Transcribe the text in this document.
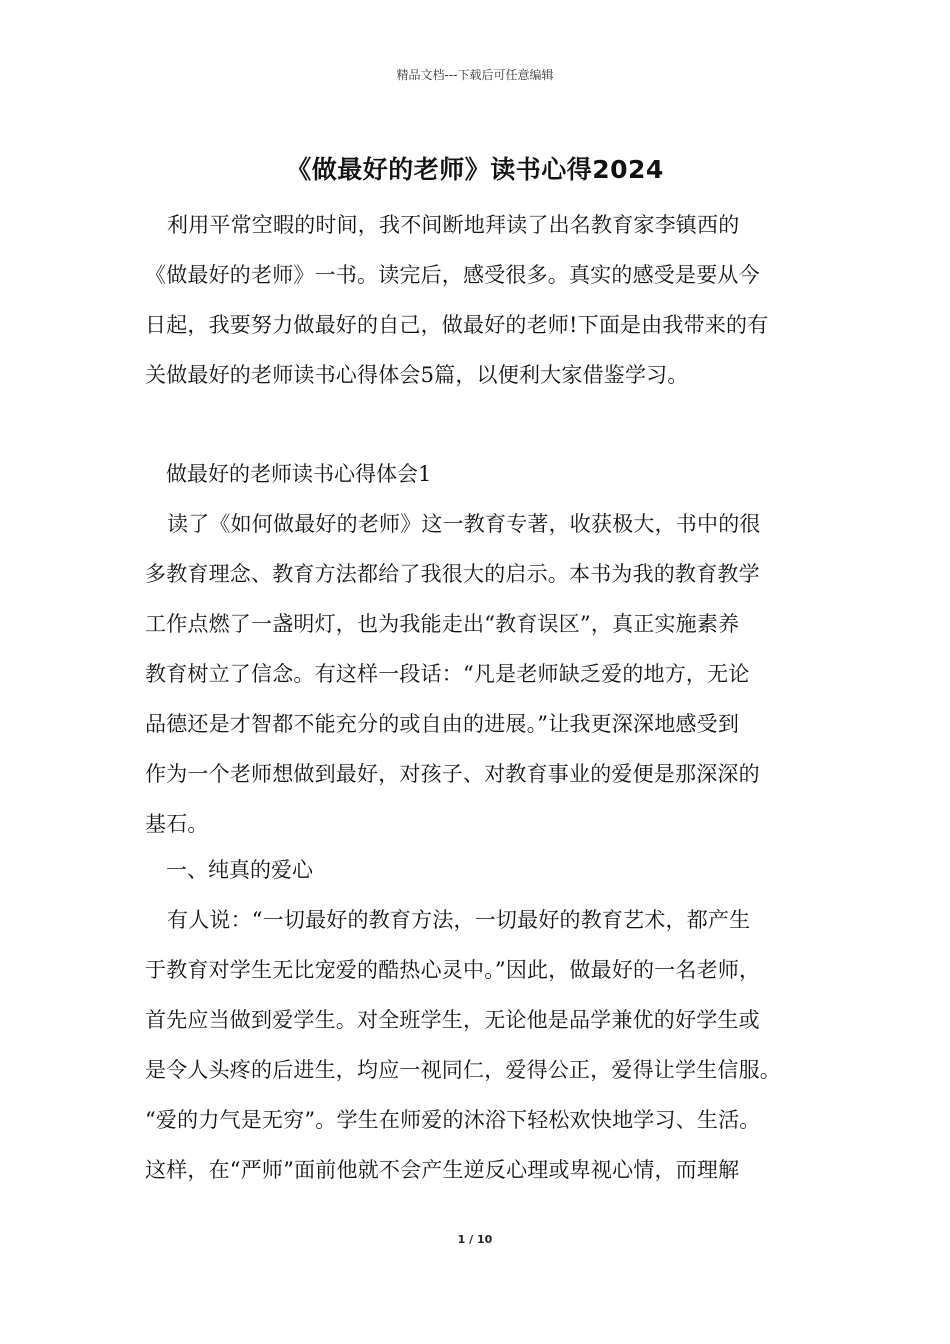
精品文档---下载后可任意编辑
《做最好的老师》读书心得2024
利用平常空暇的时间，我不间断地拜读了出名教育家李镇西的
《做最好的老师》一书。读完后，感受很多。真实的感受是要从今
日起，我要努力做最好的自己，做最好的老师!下面是由我带来的有
关做最好的老师读书心得体会5篇，以便利大家借鉴学习。
做最好的老师读书心得体会1
读了《如何做最好的老师》这一教育专著，收获极大，书中的很
多教育理念、教育方法都给了我很大的启示。本书为我的教育教学
工作点燃了一盏明灯，也为我能走出“教育误区”，真正实施素养
教育树立了信念。有这样一段话：“凡是老师缺乏爱的地方，无论
品德还是才智都不能充分的或自由的进展。”让我更深深地感受到
作为一个老师想做到最好，对孩子、对教育事业的爱便是那深深的
基石。
一、纯真的爱心
有人说：“一切最好的教育方法，一切最好的教育艺术，都产生
于教育对学生无比宠爱的酷热心灵中。”因此，做最好的一名老师，
首先应当做到爱学生。对全班学生，无论他是品学兼优的好学生或
是令人头疼的后进生，均应一视同仁，爱得公正，爱得让学生信服。
“爱的力气是无穷”。学生在师爱的沐浴下轻松欢快地学习、生活。
这样，在“严师”面前他就不会产生逆反心理或卑视心情，而理解
1 / 10
